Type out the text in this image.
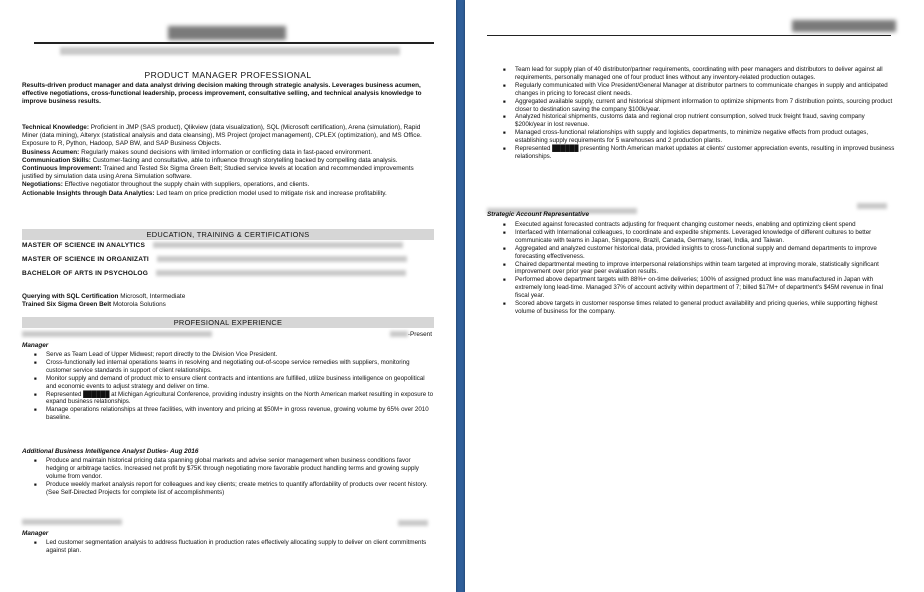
PRODUCT MANAGER PROFESSIONAL
Results-driven product manager and data analyst driving decision making through strategic analysis. Leverages business acumen, effective negotiations, cross-functional leadership, process improvement, consultative selling, and technical analysis knowledge to improve business results.
Technical Knowledge: Proficient in JMP (SAS product), Qlikview (data visualization), SQL (Microsoft certification), Arena (simulation), Rapid Miner (data mining), Alteryx (statistical analysis and data cleansing), MS Project (project management), CPLEX (optimization), and MS Office. Exposure to R, Python, Hadoop, SAP BW, and SAP Business Objects.
Business Acumen: Regularly makes sound decisions with limited information or conflicting data in fast-paced environment.
Communication Skills: Customer-facing and consultative, able to influence through storytelling backed by compelling data analysis.
Continuous Improvement: Trained and Tested Six Sigma Green Belt; Studied service levels at location and recommended improvements justified by simulation data using Arena Simulation software.
Negotiations: Effective negotiator throughout the supply chain with suppliers, operations, and clients.
Actionable Insights through Data Analytics: Led team on price prediction model used to mitigate risk and increase profitability.
EDUCATION, TRAINING & CERTIFICATIONS
MASTER OF SCIENCE IN ANALYTICS
MASTER OF SCIENCE IN ORGANIZATI
BACHELOR OF ARTS IN PSYCHOLOG
Querying with SQL Certification Microsoft, Intermediate
Trained Six Sigma Green Belt Motorola Solutions
PROFESIONAL EXPERIENCE
-Present
Manager
■ Serve as Team Lead of Upper Midwest; report directly to the Division Vice President.
■ Cross-functionally led internal operations teams in resolving and negotiating out-of-scope service remedies with suppliers, monitoring customer service standards in support of client relationships.
■ Monitor supply and demand of product mix to ensure client contracts and intentions are fulfilled, utilize business intelligence on geopolitical and economic events to adjust strategy and deliver on time.
■ Represented ██████ at Michigan Agricultural Conference, providing industry insights on the North American market resulting in exposure to expand business relationships.
■ Manage operations relationships at three facilities, with inventory and pricing at $50M+ in gross revenue, growing volume by 65% over 2010 baseline.
Additional Business Intelligence Analyst Duties- Aug 2016
■ Produce and maintain historical pricing data spanning global markets and advise senior management when business conditions favor hedging or arbitrage tactics. Increased net profit by $75K through negotiating more favorable product handling terms and growing supply volume from vendor.
■ Produce weekly market analysis report for colleagues and key clients; create metrics to quantify affordability of products over recent history. (See Self-Directed Projects for complete list of accomplishments)
Manager
■ Led customer segmentation analysis to address fluctuation in production rates effectively allocating supply to deliver on client commitments against plan.
■ Team lead for supply plan of 40 distributor/partner requirements, coordinating with peer managers and distributors to deliver against all requirements, personally managed one of four product lines without any inventory-related production outages.
■ Regularly communicated with Vice President/General Manager at distributor partners to communicate changes in supply and anticipated changes in pricing to forecast client needs.
■ Aggregated available supply, current and historical shipment information to optimize shipments from 7 distribution points, sourcing product closer to destination saving the company $100k/year.
■ Analyzed historical shipments, customs data and regional crop nutrient consumption, solved truck freight fraud, saving company $200k/year in lost revenue.
■ Managed cross-functional relationships with supply and logistics departments, to minimize negative effects from product outages, establishing supply requirements for 5 warehouses and 2 production plants.
■ Represented ██████ presenting North American market updates at clients' customer appreciation events, resulting in improved business relationships.
Strategic Account Representative
■ Executed against forecasted contracts adjusting for frequent changing customer needs, enabling and optimizing client spend
■ Interfaced with International colleagues, to coordinate and expedite shipments. Leveraged knowledge of different cultures to better communicate with teams in Japan, Singapore, Brazil, Canada, Germany, Israel, India, and Taiwan.
■ Aggregated and analyzed customer historical data, provided insights to cross-functional supply and demand departments to improve forecasting effectiveness.
■ Chaired departmental meeting to improve interpersonal relationships within team targeted at improving morale, statistically significant improvement over prior year peer evaluation results.
■ Performed above department targets with 88%+ on-time deliveries; 100% of assigned product line was manufactured in Japan with extremely long lead-time. Managed 37% of account activity within department of 7; billed $17M+ of department's $45M revenue in final fiscal year.
■ Scored above targets in customer response times related to general product availability and pricing queries, while supporting highest volume of business for the company.
